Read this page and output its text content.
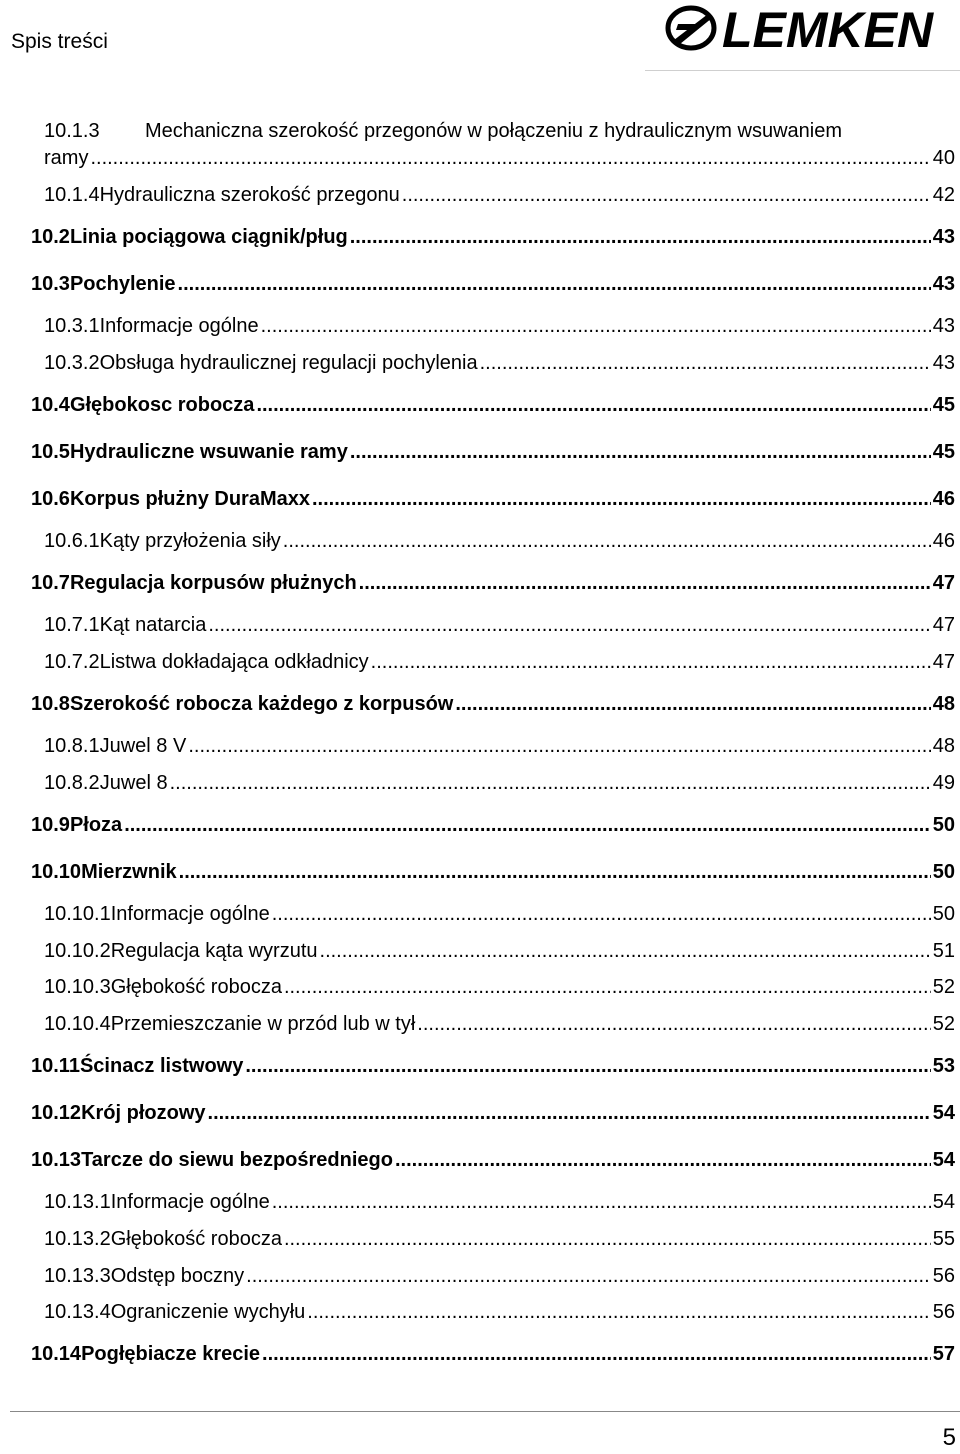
Spis treści	LEMKEN
10.1.3 Mechaniczna szerokość przegonów w połączeniu z hydraulicznym wsuwaniem
ramy .....	40
10.1.4 Hydrauliczna szerokość przegonu .....	42
10.2 Linia pociągowa ciągnik/pług .....	43
10.3 Pochylenie .....	43
10.3.1 Informacje ogólne .....	43
10.3.2 Obsługa hydraulicznej regulacji pochylenia .....	43
10.4 Głębokosc robocza .....	45
10.5 Hydrauliczne wsuwanie ramy .....	45
10.6 Korpus płużny DuraMaxx .....	46
10.6.1 Kąty przyłożenia siły .....	46
10.7 Regulacja korpusów płużnych .....	47
10.7.1 Kąt natarcia .....	47
10.7.2 Listwa dokładająca odkładnicy .....	47
10.8 Szerokość robocza każdego z korpusów .....	48
10.8.1 Juwel 8 V .....	48
10.8.2 Juwel 8 .....	49
10.9 Płoza .....	50
10.10 Mierzwnik .....	50
10.10.1 Informacje ogólne .....	50
10.10.2 Regulacja kąta wyrzutu .....	51
10.10.3 Głębokość robocza .....	52
10.10.4 Przemieszczanie w przód lub w tył .....	52
10.11 Ścinacz listwowy .....	53
10.12 Krój płozowy .....	54
10.13 Tarcze do siewu bezpośredniego .....	54
10.13.1 Informacje ogólne .....	54
10.13.2 Głębokość robocza .....	55
10.13.3 Odstęp boczny .....	56
10.13.4 Ograniczenie wychyłu .....	56
10.14 Pogłębiacze krecie .....	57
5
